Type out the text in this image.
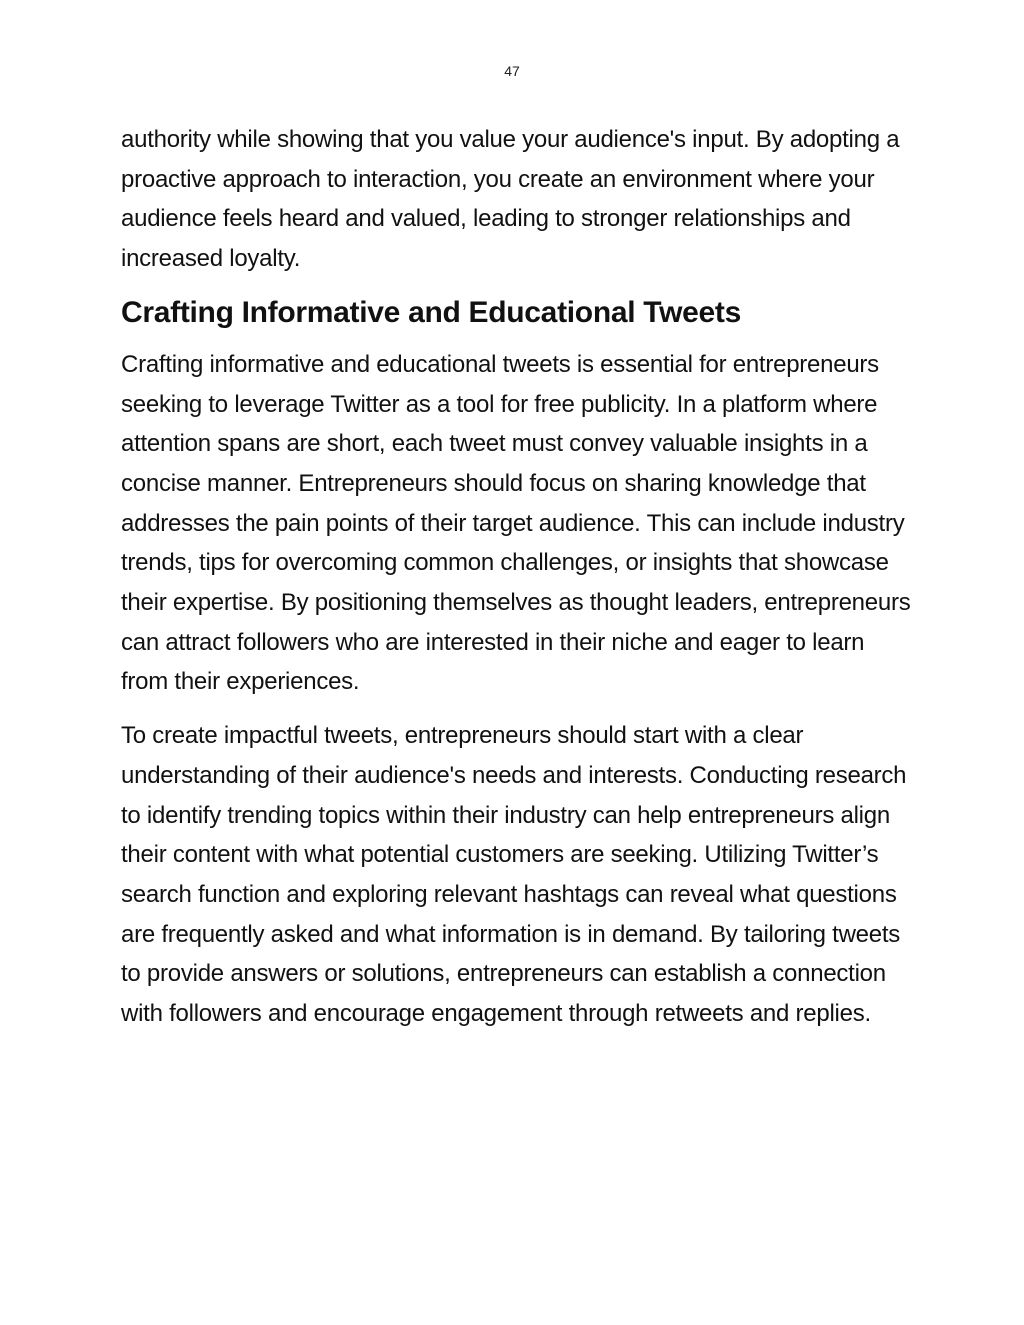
47

authority while showing that you value your audience's input. By adopting a proactive approach to interaction, you create an environment where your audience feels heard and valued, leading to stronger relationships and increased loyalty.

Crafting Informative and Educational Tweets

Crafting informative and educational tweets is essential for entrepreneurs seeking to leverage Twitter as a tool for free publicity. In a platform where attention spans are short, each tweet must convey valuable insights in a concise manner. Entrepreneurs should focus on sharing knowledge that addresses the pain points of their target audience. This can include industry trends, tips for overcoming common challenges, or insights that showcase their expertise. By positioning themselves as thought leaders, entrepreneurs can attract followers who are interested in their niche and eager to learn from their experiences.

To create impactful tweets, entrepreneurs should start with a clear understanding of their audience's needs and interests. Conducting research to identify trending topics within their industry can help entrepreneurs align their content with what potential customers are seeking. Utilizing Twitter’s search function and exploring relevant hashtags can reveal what questions are frequently asked and what information is in demand. By tailoring tweets to provide answers or solutions, entrepreneurs can establish a connection with followers and encourage engagement through retweets and replies.
